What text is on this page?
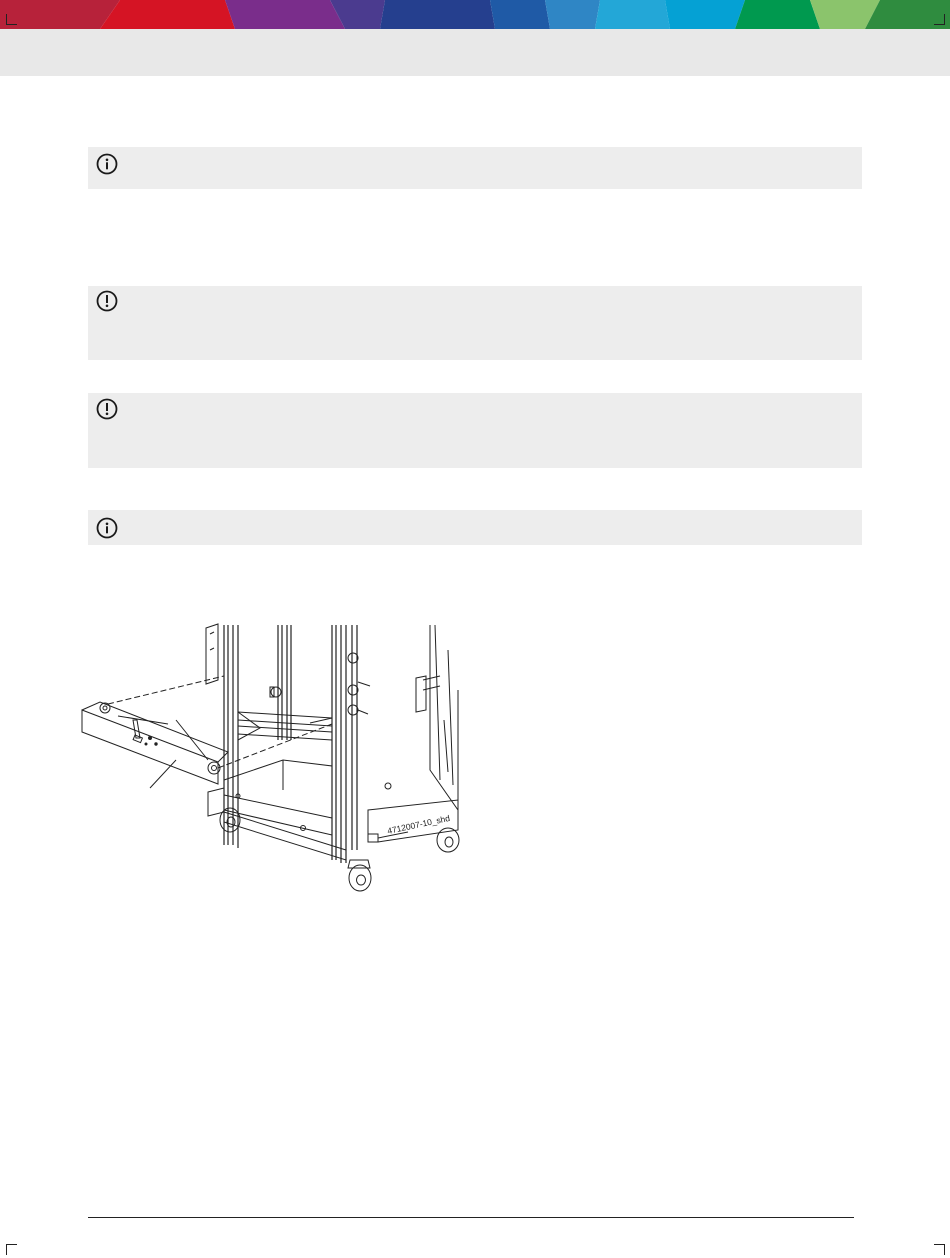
4712007-10_shd
